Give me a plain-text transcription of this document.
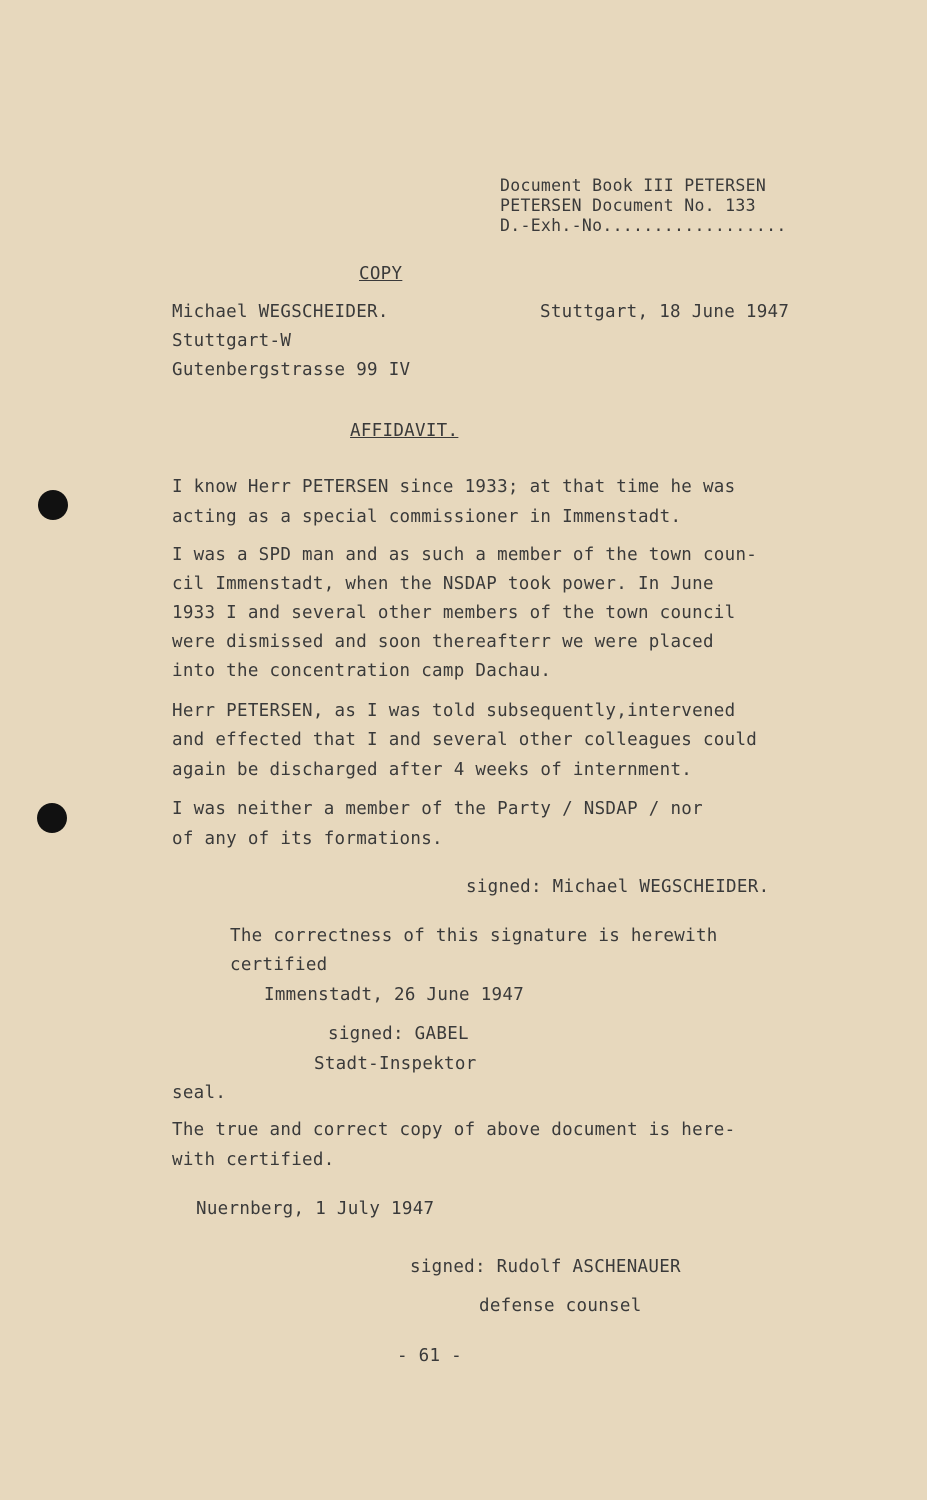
Document Book III PETERSEN
PETERSEN Document No. 133
D.-Exh.-No..................
COPY
Michael WEGSCHEIDER.	Stuttgart, 18 June 1947
Stuttgart-W
Gutenbergstrasse 99 IV
AFFIDAVIT.
I know Herr PETERSEN since 1933; at that time he was
acting as a special commissioner in Immenstadt.
I was a SPD man and as such a member of the town coun-
cil Immenstadt, when the NSDAP took power. In June
1933 I and several other members of the town council
were dismissed and soon thereafterr we were placed
into the concentration camp Dachau.
Herr PETERSEN, as I was told subsequently,intervened
and effected that I and several other colleagues could
again be discharged after 4 weeks of internment.
I was neither a member of the Party / NSDAP / nor
of any of its formations.
signed: Michael WEGSCHEIDER.
The correctness of this signature is herewith
certified
Immenstadt, 26 June 1947
signed: GABEL
Stadt-Inspektor
seal.
The true and correct copy of above document is here-
with certified.
Nuernberg, 1 July 1947
signed: Rudolf ASCHENAUER
defense counsel
- 61 -
